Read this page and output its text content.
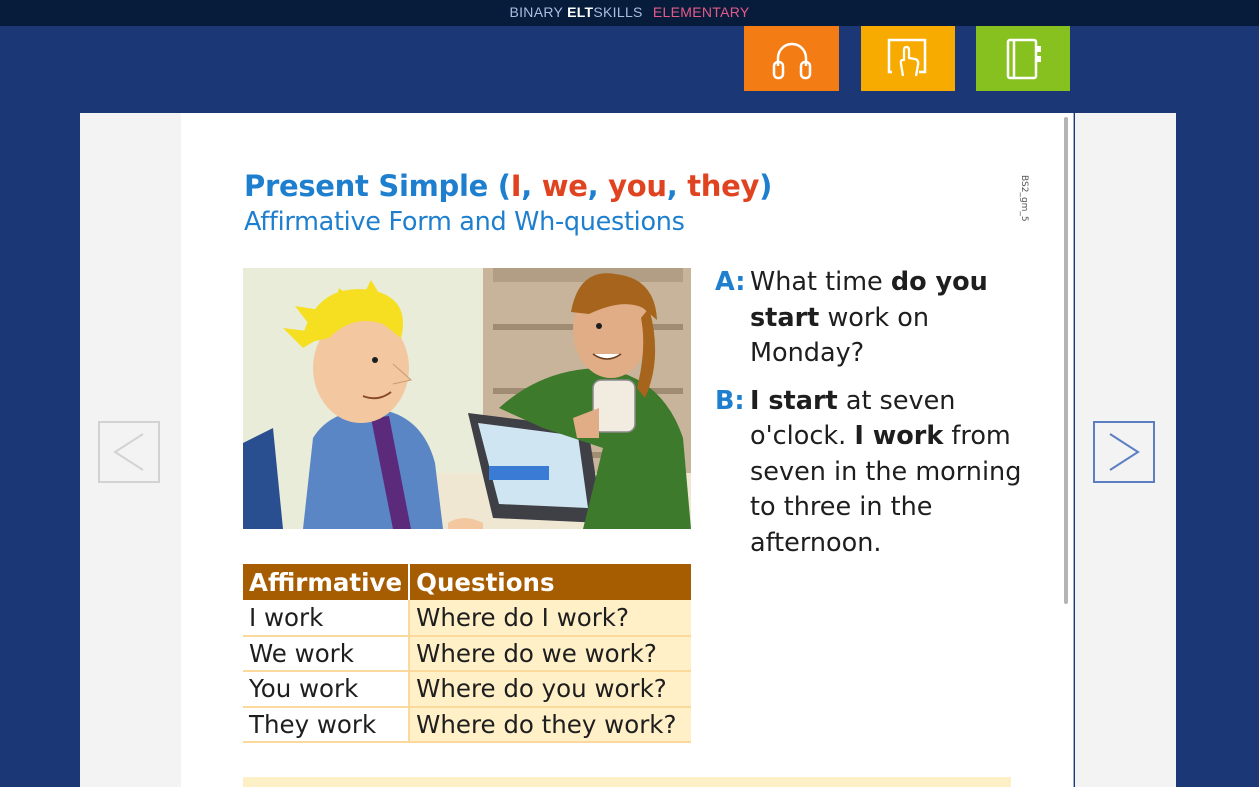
BINARY ELTSKILLS ELEMENTARY
Present Simple (I, we, you, they)
Affirmative Form and Wh-questions
BS2_gm_5
A: What time do you
start work on
Monday?
B: I start at seven
o'clock. I work from
seven in the morning
to three in the
afternoon.
Affirmative	Questions
I work	Where do I work?
We work	Where do we work?
You work	Where do you work?
They work	Where do they work?
